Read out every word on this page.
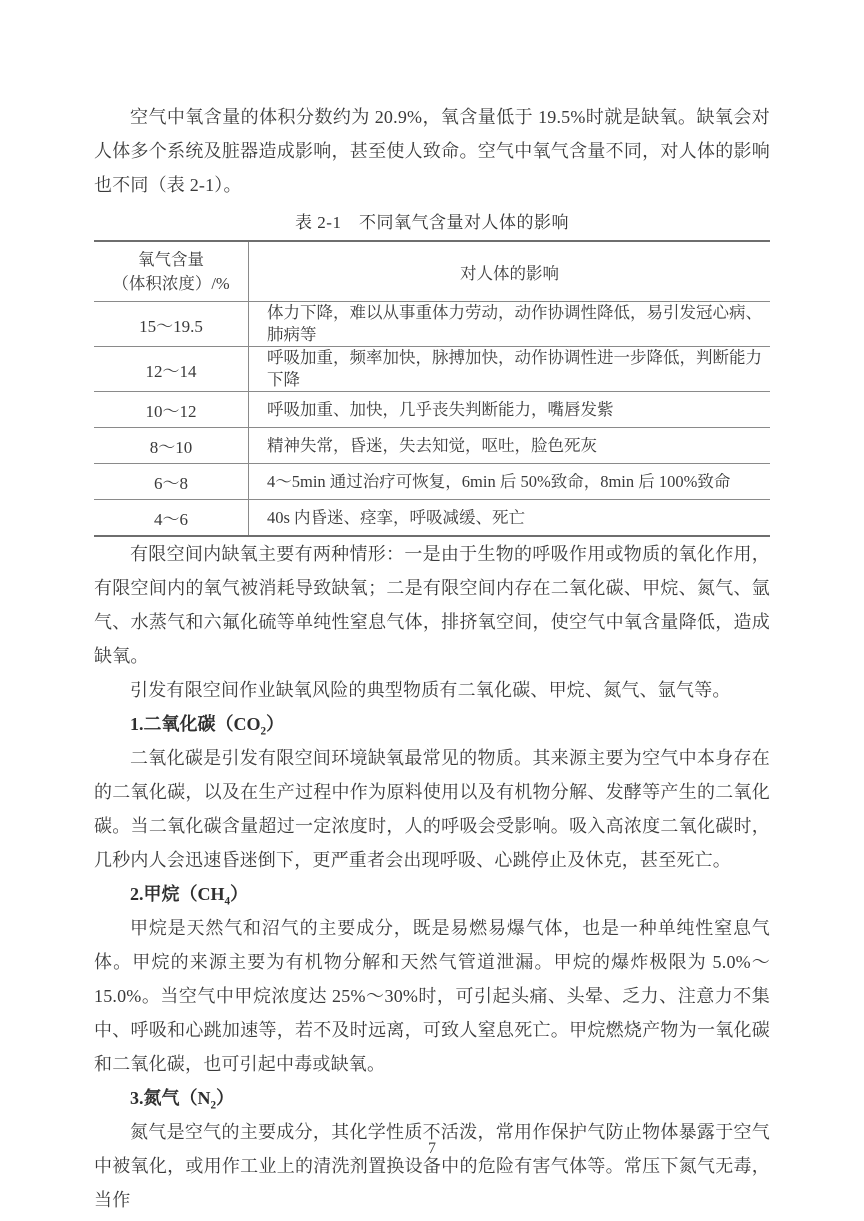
空气中氧含量的体积分数约为 20.9%，氧含量低于 19.5%时就是缺氧。缺氧会对人体多个系统及脏器造成影响，甚至使人致命。空气中氧气含量不同，对人体的影响也不同（表 2-1）。

表 2-1　不同氧气含量对人体的影响
氧气含量
（体积浓度）/%	对人体的影响
15～19.5	体力下降，难以从事重体力劳动，动作协调性降低，易引发冠心病、肺病等
12～14	呼吸加重，频率加快，脉搏加快，动作协调性进一步降低，判断能力下降
10～12	呼吸加重、加快，几乎丧失判断能力，嘴唇发紫
8～10	精神失常，昏迷，失去知觉，呕吐，脸色死灰
6～8	4～5min 通过治疗可恢复，6min 后 50%致命，8min 后 100%致命
4～6	40s 内昏迷、痉挛，呼吸减缓、死亡

有限空间内缺氧主要有两种情形：一是由于生物的呼吸作用或物质的氧化作用，有限空间内的氧气被消耗导致缺氧；二是有限空间内存在二氧化碳、甲烷、氮气、氩气、水蒸气和六氟化硫等单纯性窒息气体，排挤氧空间，使空气中氧含量降低，造成缺氧。

引发有限空间作业缺氧风险的典型物质有二氧化碳、甲烷、氮气、氩气等。

1.二氧化碳$(CO_2)$

二氧化碳是引发有限空间环境缺氧最常见的物质。其来源主要为空气中本身存在的二氧化碳，以及在生产过程中作为原料使用以及有机物分解、发酵等产生的二氧化碳。当二氧化碳含量超过一定浓度时，人的呼吸会受影响。吸入高浓度二氧化碳时，几秒内人会迅速昏迷倒下，更严重者会出现呼吸、心跳停止及休克，甚至死亡。

2.甲烷$(CH_4)$

甲烷是天然气和沼气的主要成分，既是易燃易爆气体，也是一种单纯性窒息气体。甲烷的来源主要为有机物分解和天然气管道泄漏。甲烷的爆炸极限为 5.0%～15.0%。当空气中甲烷浓度达 25%～30%时，可引起头痛、头晕、乏力、注意力不集中、呼吸和心跳加速等，若不及时远离，可致人窒息死亡。甲烷燃烧产物为一氧化碳和二氧化碳，也可引起中毒或缺氧。

3.氮气$(N_2)$

氮气是空气的主要成分，其化学性质不活泼，常用作保护气防止物体暴露于空气中被氧化，或用作工业上的清洗剂置换设备中的危险有害气体等。常压下氮气无毒，当作

7
